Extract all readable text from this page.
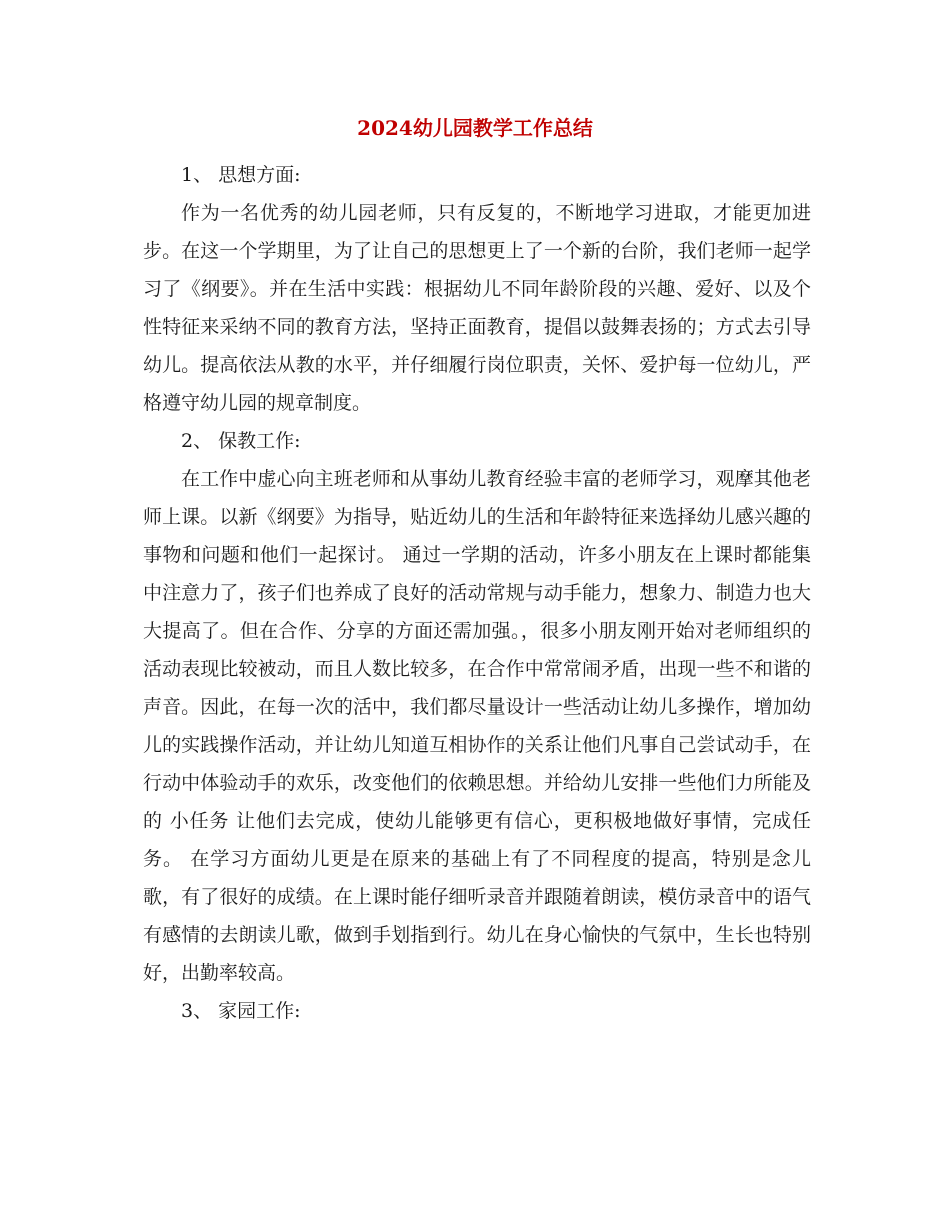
2024幼儿园教学工作总结

1、 思想方面:

作为一名优秀的幼儿园老师，只有反复的，不断地学习进取，才能更加进步。在这一个学期里，为了让自己的思想更上了一个新的台阶，我们老师一起学习了《纲要》。并在生活中实践：根据幼儿不同年龄阶段的兴趣、爱好、以及个性特征来采纳不同的教育方法，坚持正面教育，提倡以鼓舞表扬的；方式去引导幼儿。提高依法从教的水平，并仔细履行岗位职责，关怀、爱护每一位幼儿，严格遵守幼儿园的规章制度。

2、 保教工作:

在工作中虚心向主班老师和从事幼儿教育经验丰富的老师学习，观摩其他老师上课。以新《纲要》为指导，贴近幼儿的生活和年龄特征来选择幼儿感兴趣的事物和问题和他们一起探讨。 通过一学期的活动，许多小朋友在上课时都能集中注意力了，孩子们也养成了良好的活动常规与动手能力，想象力、制造力也大大提高了。但在合作、分享的方面还需加强。，很多小朋友刚开始对老师组织的活动表现比较被动，而且人数比较多，在合作中常常闹矛盾，出现一些不和谐的声音。因此，在每一次的活中，我们都尽量设计一些活动让幼儿多操作，增加幼儿的实践操作活动，并让幼儿知道互相协作的关系让他们凡事自己尝试动手，在行动中体验动手的欢乐，改变他们的依赖思想。并给幼儿安排一些他们力所能及的 小任务 让他们去完成，使幼儿能够更有信心，更积极地做好事情，完成任务。 在学习方面幼儿更是在原来的基础上有了不同程度的提高，特别是念儿歌，有了很好的成绩。在上课时能仔细听录音并跟随着朗读，模仿录音中的语气有感情的去朗读儿歌，做到手划指到行。幼儿在身心愉快的气氛中，生长也特别好，出勤率较高。

3、 家园工作:
